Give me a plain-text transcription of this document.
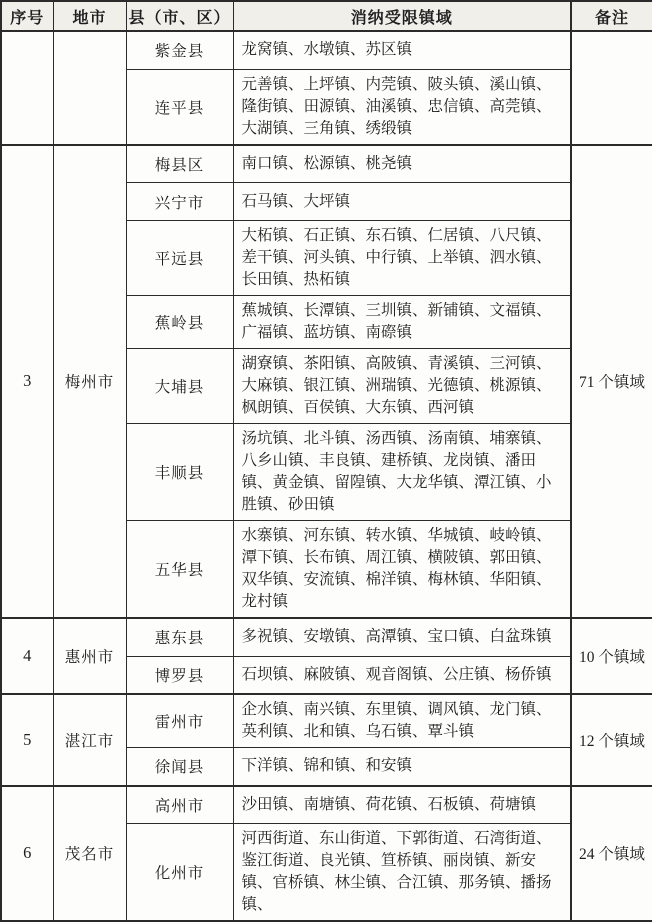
序号	地市	县（市、区）	消纳受限镇域	备注
		紫金县	龙窝镇、水墩镇、苏区镇	
		连平县	元善镇、上坪镇、内莞镇、陂头镇、溪山镇、隆街镇、田源镇、油溪镇、忠信镇、高莞镇、大湖镇、三角镇、绣缎镇	
3	梅州市	梅县区	南口镇、松源镇、桃尧镇	71 个镇域
		兴宁市	石马镇、大坪镇	
		平远县	大柘镇、石正镇、东石镇、仁居镇、八尺镇、差干镇、河头镇、中行镇、上举镇、泗水镇、长田镇、热柘镇	
		蕉岭县	蕉城镇、长潭镇、三圳镇、新铺镇、文福镇、广福镇、蓝坊镇、南磜镇	
		大埔县	湖寮镇、茶阳镇、高陂镇、青溪镇、三河镇、大麻镇、银江镇、洲瑞镇、光德镇、桃源镇、枫朗镇、百侯镇、大东镇、西河镇	
		丰顺县	汤坑镇、北斗镇、汤西镇、汤南镇、埔寨镇、八乡山镇、丰良镇、建桥镇、龙岗镇、潘田镇、黄金镇、留隍镇、大龙华镇、潭江镇、小胜镇、砂田镇	
		五华县	水寨镇、河东镇、转水镇、华城镇、岐岭镇、潭下镇、长布镇、周江镇、横陂镇、郭田镇、双华镇、安流镇、棉洋镇、梅林镇、华阳镇、龙村镇	
4	惠州市	惠东县	多祝镇、安墩镇、高潭镇、宝口镇、白盆珠镇	10 个镇域
		博罗县	石坝镇、麻陂镇、观音阁镇、公庄镇、杨侨镇	
5	湛江市	雷州市	企水镇、南兴镇、东里镇、调风镇、龙门镇、英利镇、北和镇、乌石镇、覃斗镇	12 个镇域
		徐闻县	下洋镇、锦和镇、和安镇	
6	茂名市	高州市	沙田镇、南塘镇、荷花镇、石板镇、荷塘镇	24 个镇域
		化州市	河西街道、东山街道、下郭街道、石湾街道、鉴江街道、良光镇、笪桥镇、丽岗镇、新安镇、官桥镇、林尘镇、合江镇、那务镇、播扬镇、	
